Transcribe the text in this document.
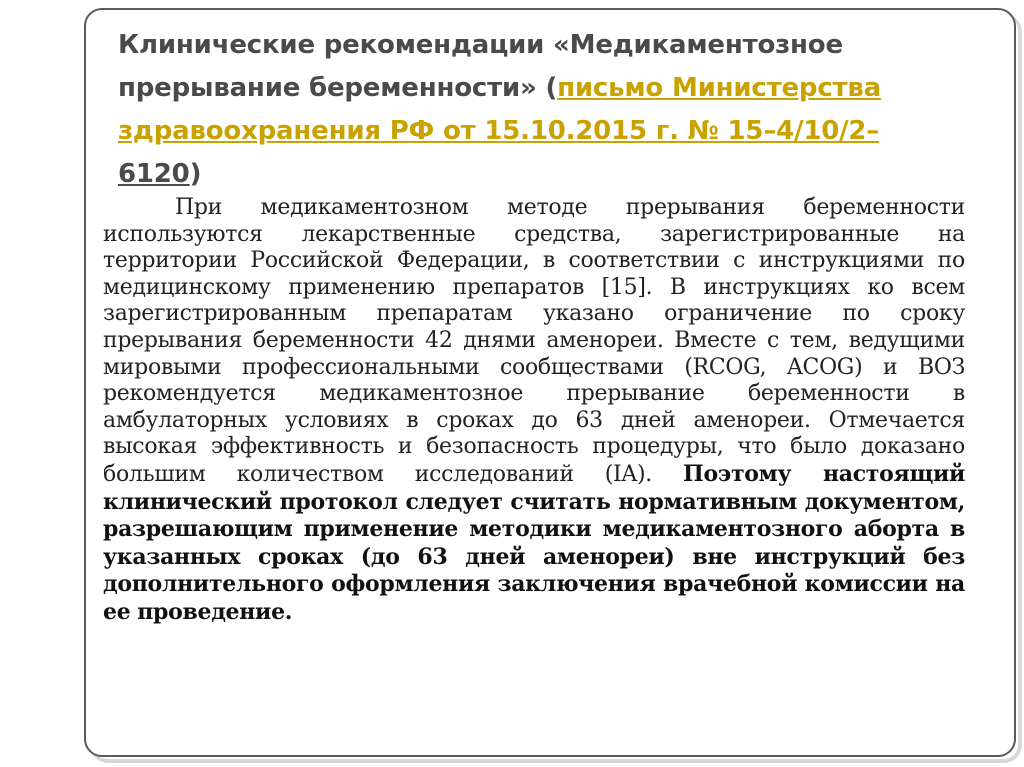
Клинические рекомендации «Медикаментозное прерывание беременности» (письмо Министерства здравоохранения РФ от 15.10.2015 г. № 15–4/10/2–6120)
При медикаментозном методе прерывания беременности используются лекарственные средства, зарегистрированные на территории Российской Федерации, в соответствии с инструкциями по медицинскому применению препаратов [15]. В инструкциях ко всем зарегистрированным препаратам указано ограничение по сроку прерывания беременности 42 днями аменореи. Вместе с тем, ведущими мировыми профессиональными сообществами (RCOG, ACOG) и ВОЗ рекомендуется медикаментозное прерывание беременности в амбулаторных условиях в сроках до 63 дней аменореи. Отмечается высокая эффективность и безопасность процедуры, что было доказано большим количеством исследований (IA). Поэтому настоящий клинический протокол следует считать нормативным документом, разрешающим применение методики медикаментозного аборта в указанных сроках (до 63 дней аменореи) вне инструкций без дополнительного оформления заключения врачебной комиссии на ее проведение.
